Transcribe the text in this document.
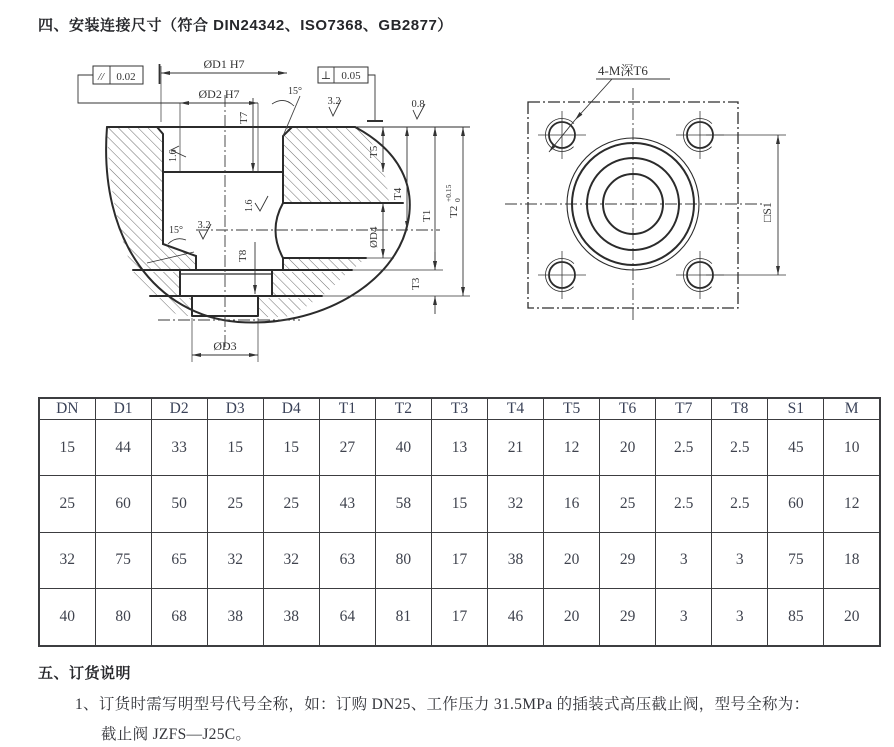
四、安装连接尺寸（符合 DIN24342、ISO7368、GB2877）
ØD1 H7
ØD2 H7
// 0.02	⊥ 0.05
15°
15°
3.2	0.8
3.2
1.6
1.6
T7
T5
ØD4
T4
T1 T2
+0.15 0
T3
T8
ØD3
4-M深T6
□S1
DN	D1	D2	D3	D4	T1	T2	T3	T4	T5	T6	T7	T8	S1	M
15	44	33	15	15	27	40	13	21	12	20	2.5	2.5	45	10
25	60	50	25	25	43	58	15	32	16	25	2.5	2.5	60	12
32	75	65	32	32	63	80	17	38	20	29	3	3	75	18
40	80	68	38	38	64	81	17	46	20	29	3	3	85	20
五、订货说明
1、订货时需写明型号代号全称，如：订购 DN25、工作压力 31.5MPa 的插装式高压截止阀，型号全称为：
截止阀 JZFS—J25C。
